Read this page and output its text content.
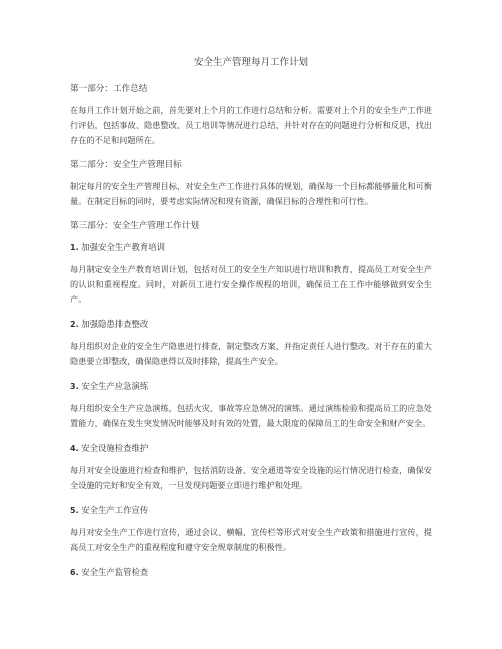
安全生产管理每月工作计划
第一部分：工作总结
在每月工作计划开始之前，首先要对上个月的工作进行总结和分析。需要对上个月的安全生产工作进行评估，包括事故、隐患整改、员工培训等情况进行总结，并针对存在的问题进行分析和反思，找出存在的不足和问题所在。
第二部分：安全生产管理目标
制定每月的安全生产管理目标，对安全生产工作进行具体的规划，确保每一个目标都能够量化和可衡量。在制定目标的同时，要考虑实际情况和现有资源，确保目标的合理性和可行性。
第三部分：安全生产管理工作计划
1. 加强安全生产教育培训
每月制定安全生产教育培训计划，包括对员工的安全生产知识进行培训和教育，提高员工对安全生产的认识和重视程度。同时，对新员工进行安全操作规程的培训，确保员工在工作中能够做到安全生产。
2. 加强隐患排查整改
每月组织对企业的安全生产隐患进行排查，制定整改方案，并指定责任人进行整改。对于存在的重大隐患要立即整改，确保隐患得以及时排除，提高生产安全。
3. 安全生产应急演练
每月组织安全生产应急演练，包括火灾、事故等应急情况的演练。通过演练检验和提高员工的应急处置能力，确保在发生突发情况时能够及时有效的处置，最大限度的保障员工的生命安全和财产安全。
4. 安全设施检查维护
每月对安全设施进行检查和维护，包括消防设备、安全通道等安全设施的运行情况进行检查，确保安全设施的完好和安全有效，一旦发现问题要立即进行维护和处理。
5. 安全生产工作宣传
每月对安全生产工作进行宣传，通过会议、横幅、宣传栏等形式对安全生产政策和措施进行宣传，提高员工对安全生产的重视程度和遵守安全规章制度的积极性。
6. 安全生产监管检查
